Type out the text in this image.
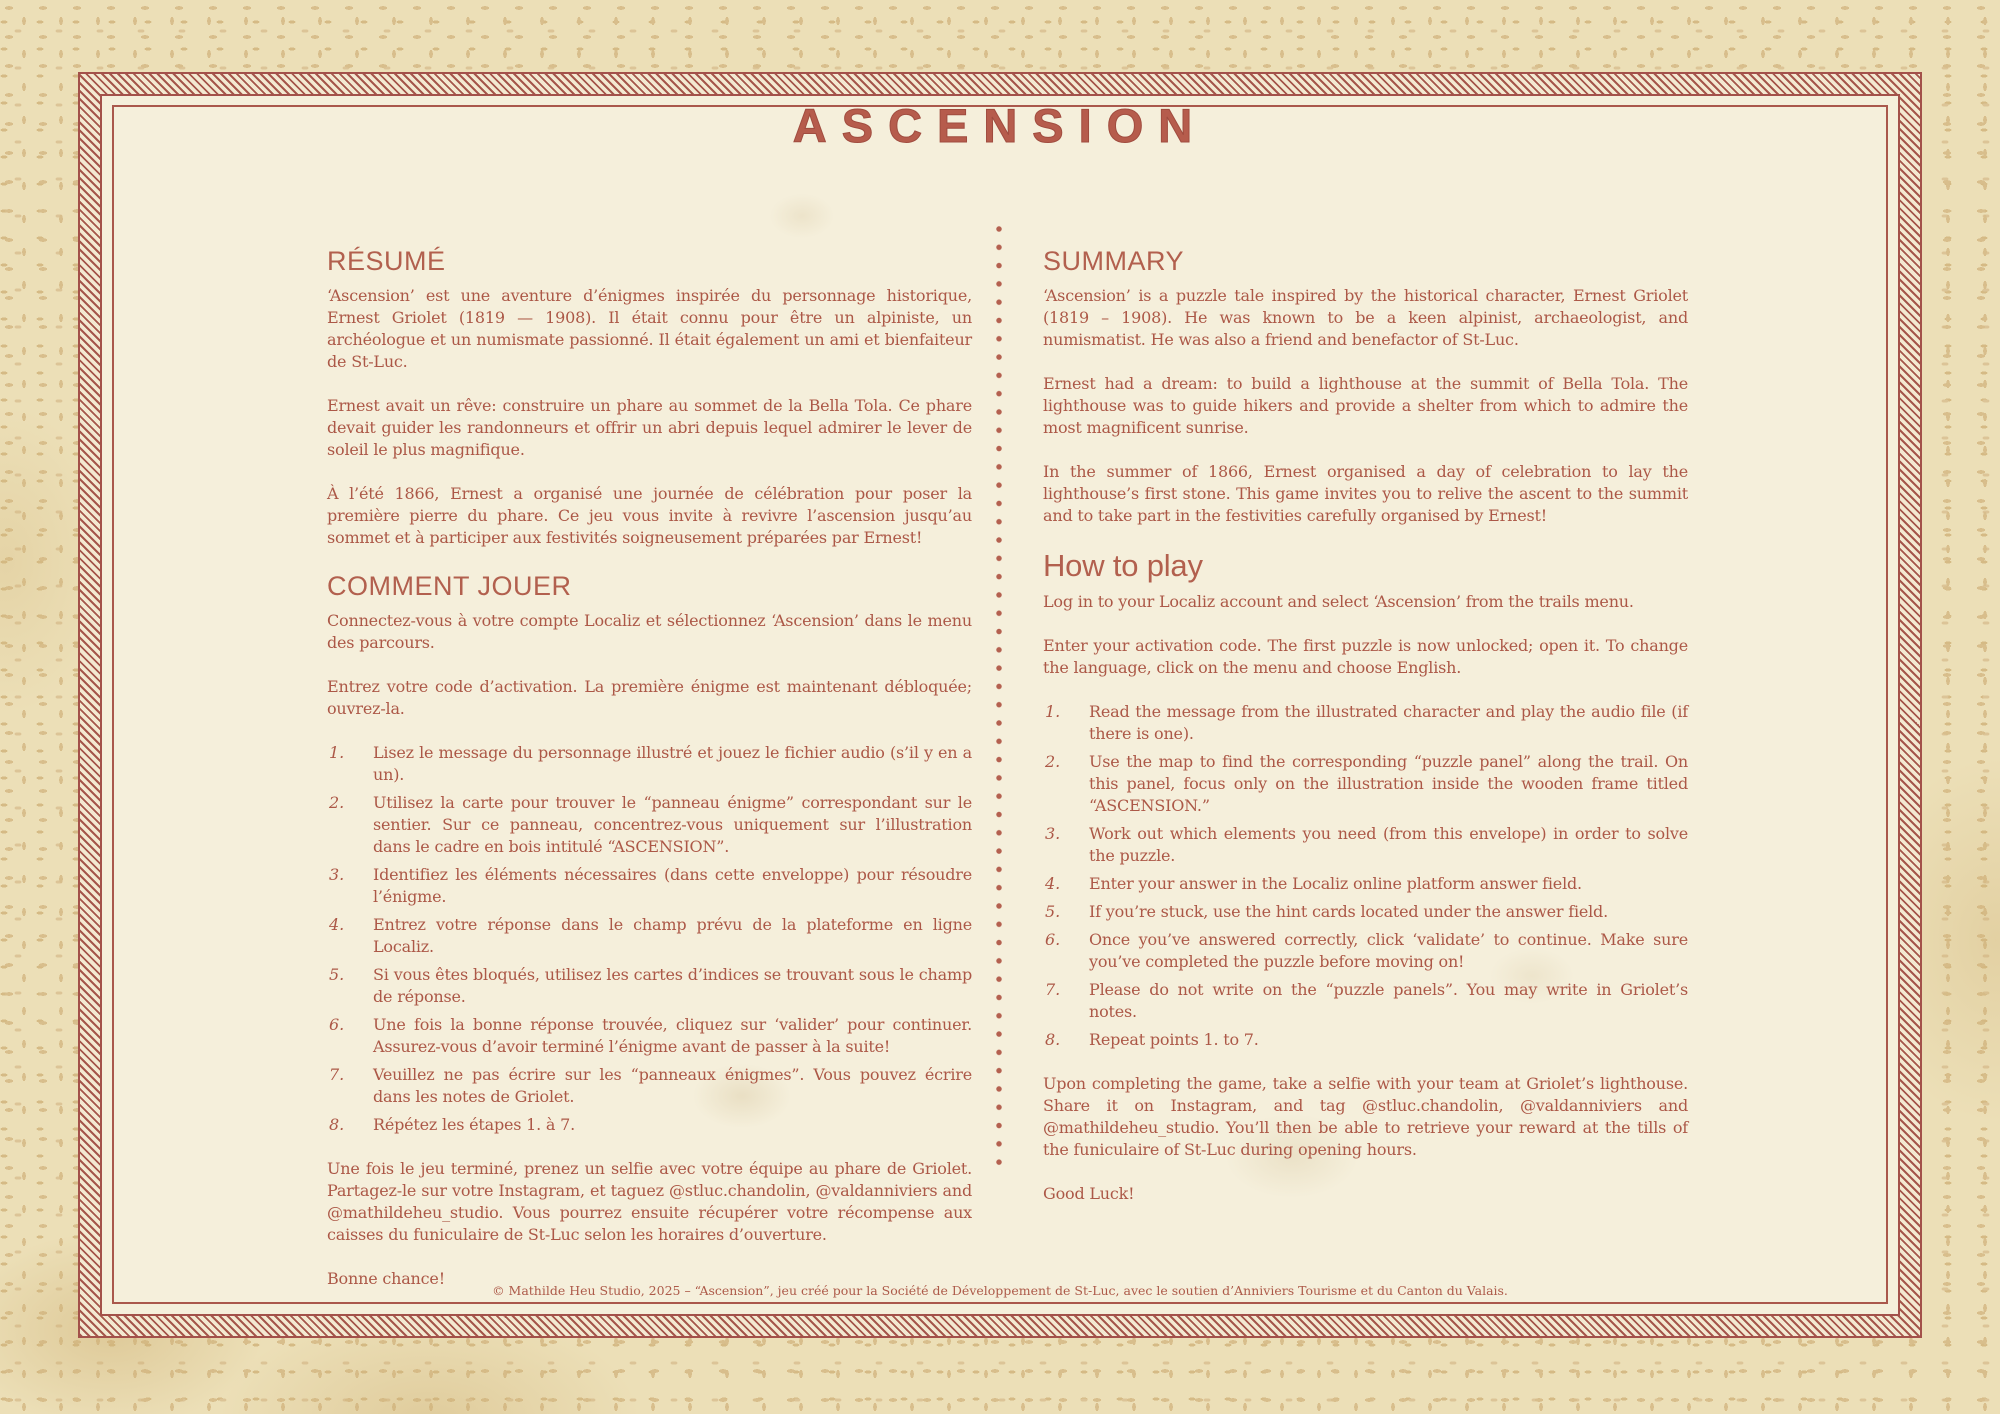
ASCENSION
RÉSUMÉ

‘Ascension’ est une aventure d’énigmes inspirée du personnage historique, Ernest Griolet (1819 — 1908). Il était connu pour être un alpiniste, un archéologue et un numismate passionné. Il était également un ami et bienfaiteur de St-Luc.

Ernest avait un rêve: construire un phare au sommet de la Bella Tola. Ce phare devait guider les randonneurs et offrir un abri depuis lequel admirer le lever de soleil le plus magnifique.

À l’été 1866, Ernest a organisé une journée de célébration pour poser la première pierre du phare. Ce jeu vous invite à revivre l’ascension jusqu’au sommet et à participer aux festivités soigneusement préparées par Ernest!

COMMENT JOUER

Connectez-vous à votre compte Localiz et sélectionnez ‘Ascension’ dans le menu des parcours.

Entrez votre code d’activation. La première énigme est maintenant débloquée; ouvrez-la.

1. Lisez le message du personnage illustré et jouez le fichier audio (s’il y en a un).
2. Utilisez la carte pour trouver le “panneau énigme” correspondant sur le sentier. Sur ce panneau, concentrez-vous uniquement sur l’illustration dans le cadre en bois intitulé “ASCENSION”.
3. Identifiez les éléments nécessaires (dans cette enveloppe) pour résoudre l’énigme.
4. Entrez votre réponse dans le champ prévu de la plateforme en ligne Localiz.
5. Si vous êtes bloqués, utilisez les cartes d’indices se trouvant sous le champ de réponse.
6. Une fois la bonne réponse trouvée, cliquez sur ‘valider’ pour continuer. Assurez-vous d’avoir terminé l’énigme avant de passer à la suite!
7. Veuillez ne pas écrire sur les “panneaux énigmes”. Vous pouvez écrire dans les notes de Griolet.
8. Répétez les étapes 1. à 7.

Une fois le jeu terminé, prenez un selfie avec votre équipe au phare de Griolet. Partagez-le sur votre Instagram, et taguez @stluc.chandolin, @valdanniviers and @mathildeheu_studio. Vous pourrez ensuite récupérer votre récompense aux caisses du funiculaire de St-Luc selon les horaires d’ouverture.

Bonne chance!

SUMMARY

‘Ascension’ is a puzzle tale inspired by the historical character, Ernest Griolet (1819 – 1908). He was known to be a keen alpinist, archaeologist, and numismatist. He was also a friend and benefactor of St-Luc.

Ernest had a dream: to build a lighthouse at the summit of Bella Tola. The lighthouse was to guide hikers and provide a shelter from which to admire the most magnificent sunrise.

In the summer of 1866, Ernest organised a day of celebration to lay the lighthouse’s first stone. This game invites you to relive the ascent to the summit and to take part in the festivities carefully organised by Ernest!

How to play

Log in to your Localiz account and select ‘Ascension’ from the trails menu.

Enter your activation code. The first puzzle is now unlocked; open it. To change the language, click on the menu and choose English.

1. Read the message from the illustrated character and play the audio file (if there is one).
2. Use the map to find the corresponding “puzzle panel” along the trail. On this panel, focus only on the illustration inside the wooden frame titled “ASCENSION.”
3. Work out which elements you need (from this envelope) in order to solve the puzzle.
4. Enter your answer in the Localiz online platform answer field.
5. If you’re stuck, use the hint cards located under the answer field.
6. Once you’ve answered correctly, click ‘validate’ to continue. Make sure you’ve completed the puzzle before moving on!
7. Please do not write on the “puzzle panels”. You may write in Griolet’s notes.
8. Repeat points 1. to 7.

Upon completing the game, take a selfie with your team at Griolet’s lighthouse. Share it on Instagram, and tag @stluc.chandolin, @valdanniviers and @mathildeheu_studio. You’ll then be able to retrieve your reward at the tills of the funiculaire of St-Luc during opening hours.

Good Luck!

© Mathilde Heu Studio, 2025 – “Ascension”, jeu créé pour la Société de Développement de St-Luc, avec le soutien d’Anniviers Tourisme et du Canton du Valais.
